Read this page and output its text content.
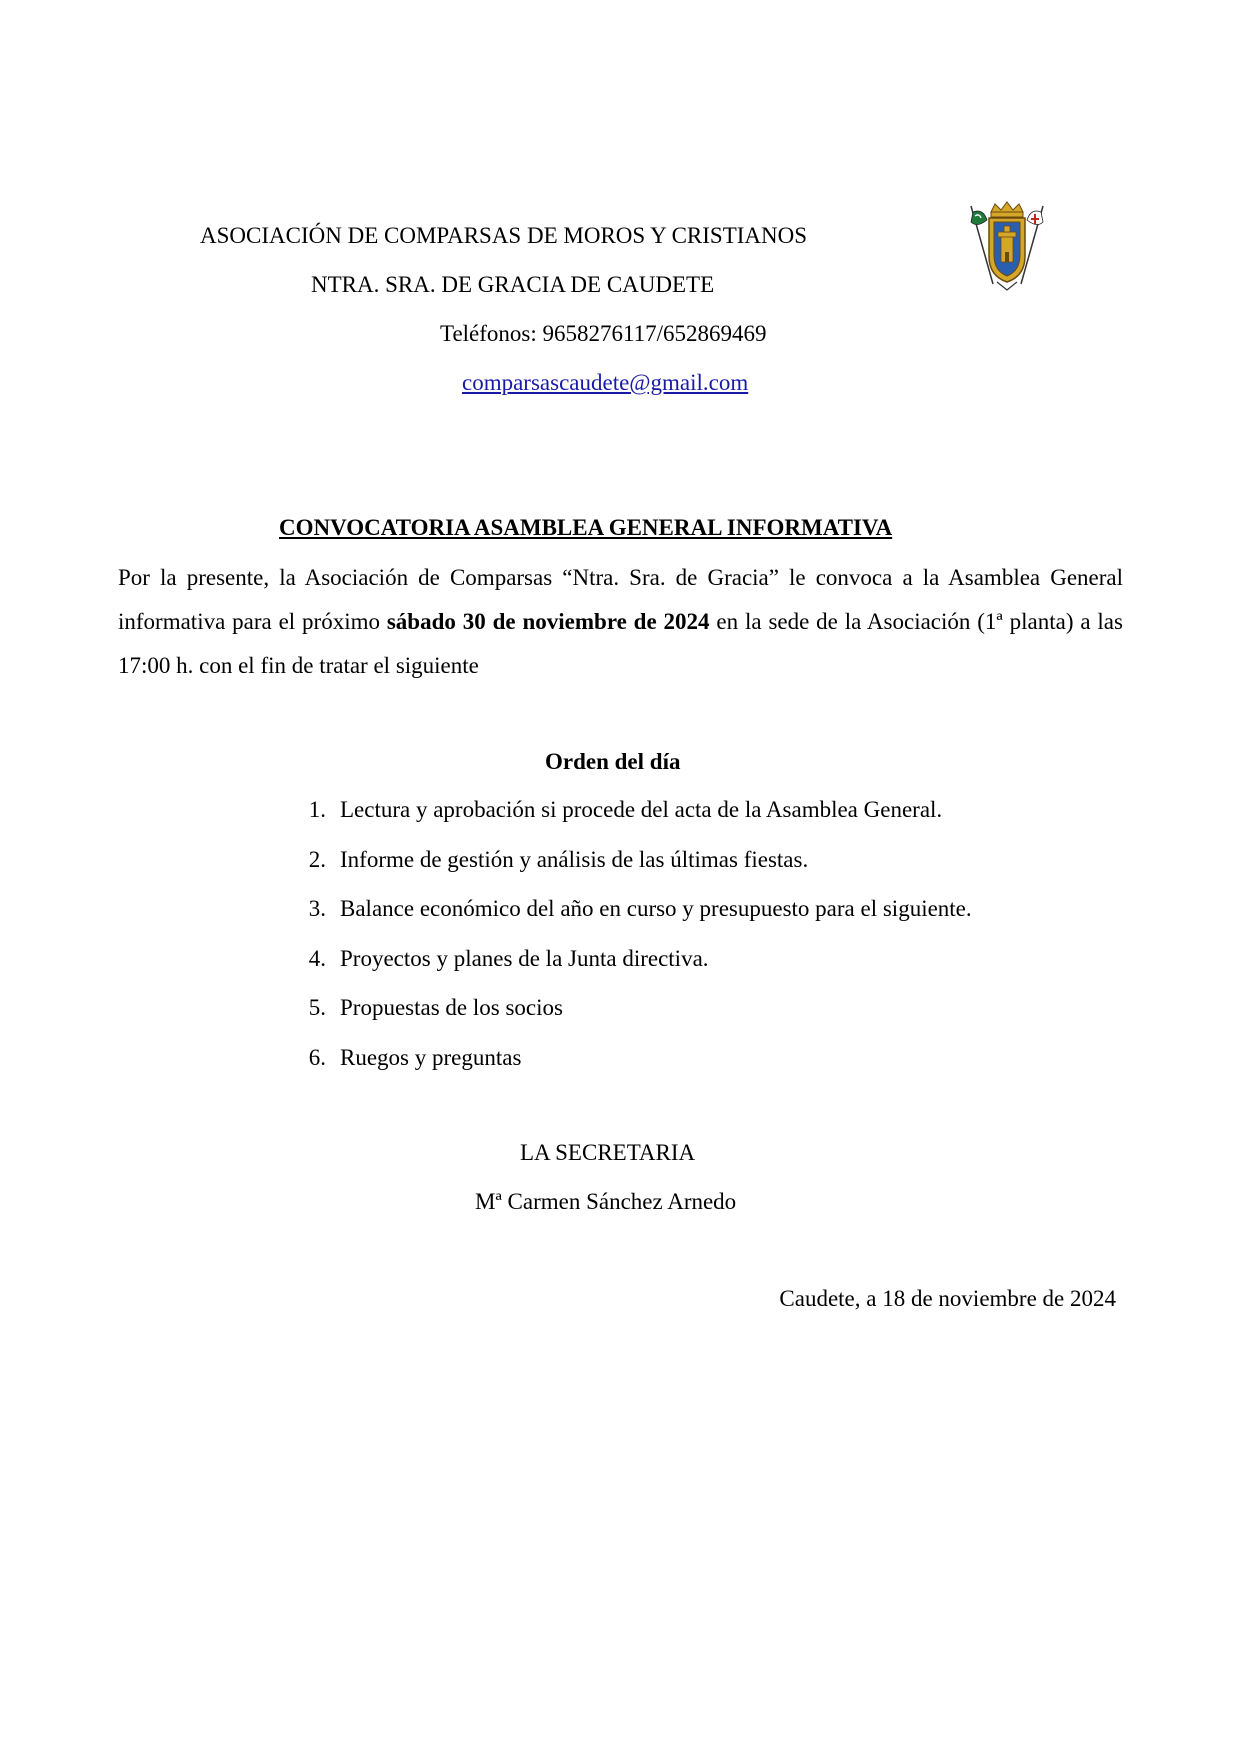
ASOCIACIÓN DE COMPARSAS DE MOROS Y CRISTIANOS
NTRA. SRA. DE GRACIA DE CAUDETE
Teléfonos: 9658276117/652869469
comparsascaudete@gmail.com
CONVOCATORIA ASAMBLEA GENERAL INFORMATIVA
Por la presente, la Asociación de Comparsas “Ntra. Sra. de Gracia” le convoca a la Asamblea General informativa para el próximo sábado 30 de noviembre de 2024 en la sede de la Asociación (1ª planta) a las 17:00 h. con el fin de tratar el siguiente
Orden del día
1. Lectura y aprobación si procede del acta de la Asamblea General.
2. Informe de gestión y análisis de las últimas fiestas.
3. Balance económico del año en curso y presupuesto para el siguiente.
4. Proyectos y planes de la Junta directiva.
5. Propuestas de los socios
6. Ruegos y preguntas
LA SECRETARIA
Mª Carmen Sánchez Arnedo
Caudete, a 18 de noviembre de 2024
